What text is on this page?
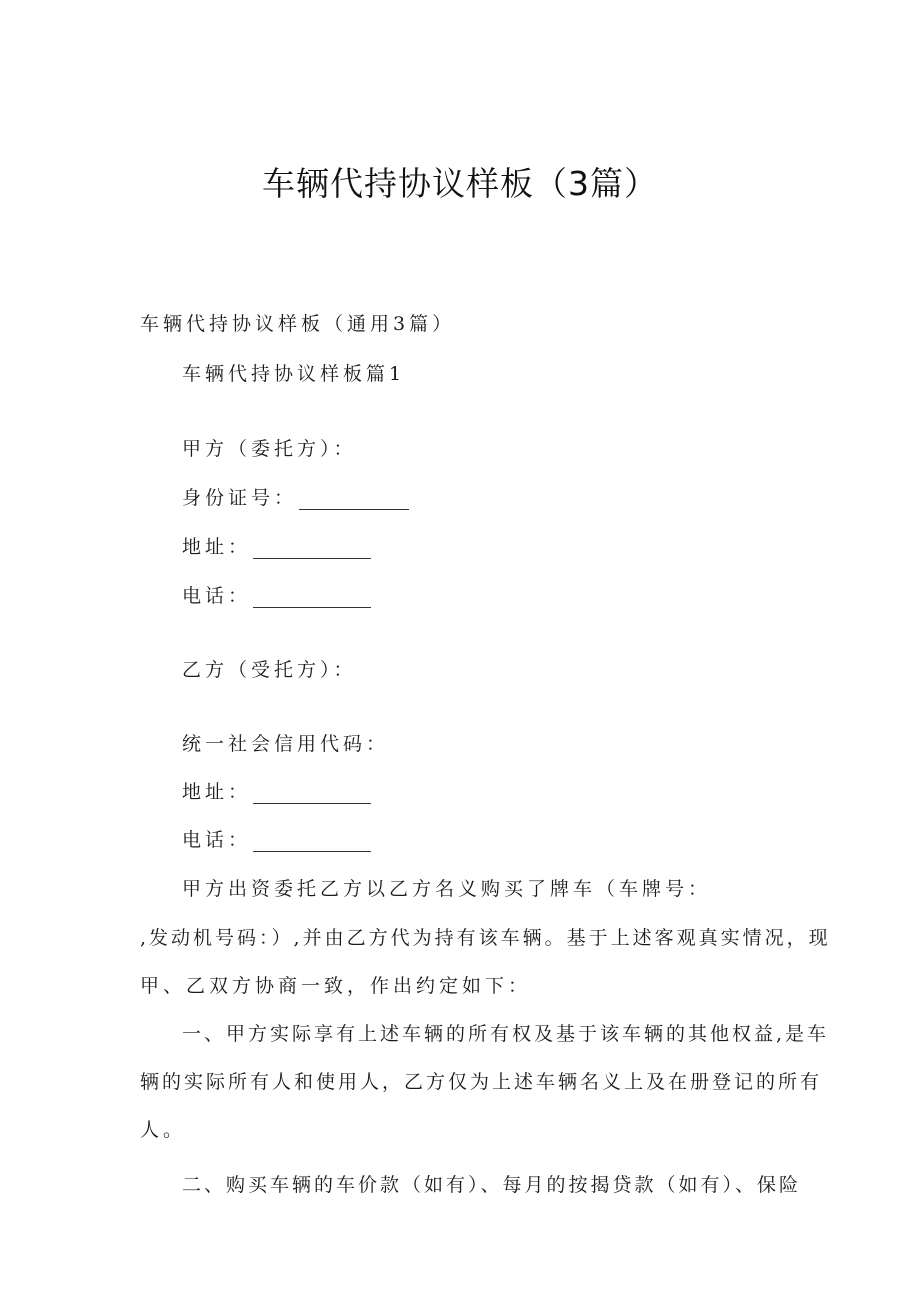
车辆代持协议样板（3篇）
车辆代持协议样板（通用3篇）
车辆代持协议样板篇1
甲方（委托方）：
身份证号：
地址：
电话：
乙方（受托方）：
统一社会信用代码：
地址：
电话：
甲方出资委托乙方以乙方名义购买了牌车（车牌号：
,发动机号码：）,并由乙方代为持有该车辆。基于上述客观真实情况，现
甲、乙双方协商一致，作出约定如下：
一、甲方实际享有上述车辆的所有权及基于该车辆的其他权益,是车
辆的实际所有人和使用人，乙方仅为上述车辆名义上及在册登记的所有
人。
二、购买车辆的车价款（如有）、每月的按揭贷款（如有）、保险
